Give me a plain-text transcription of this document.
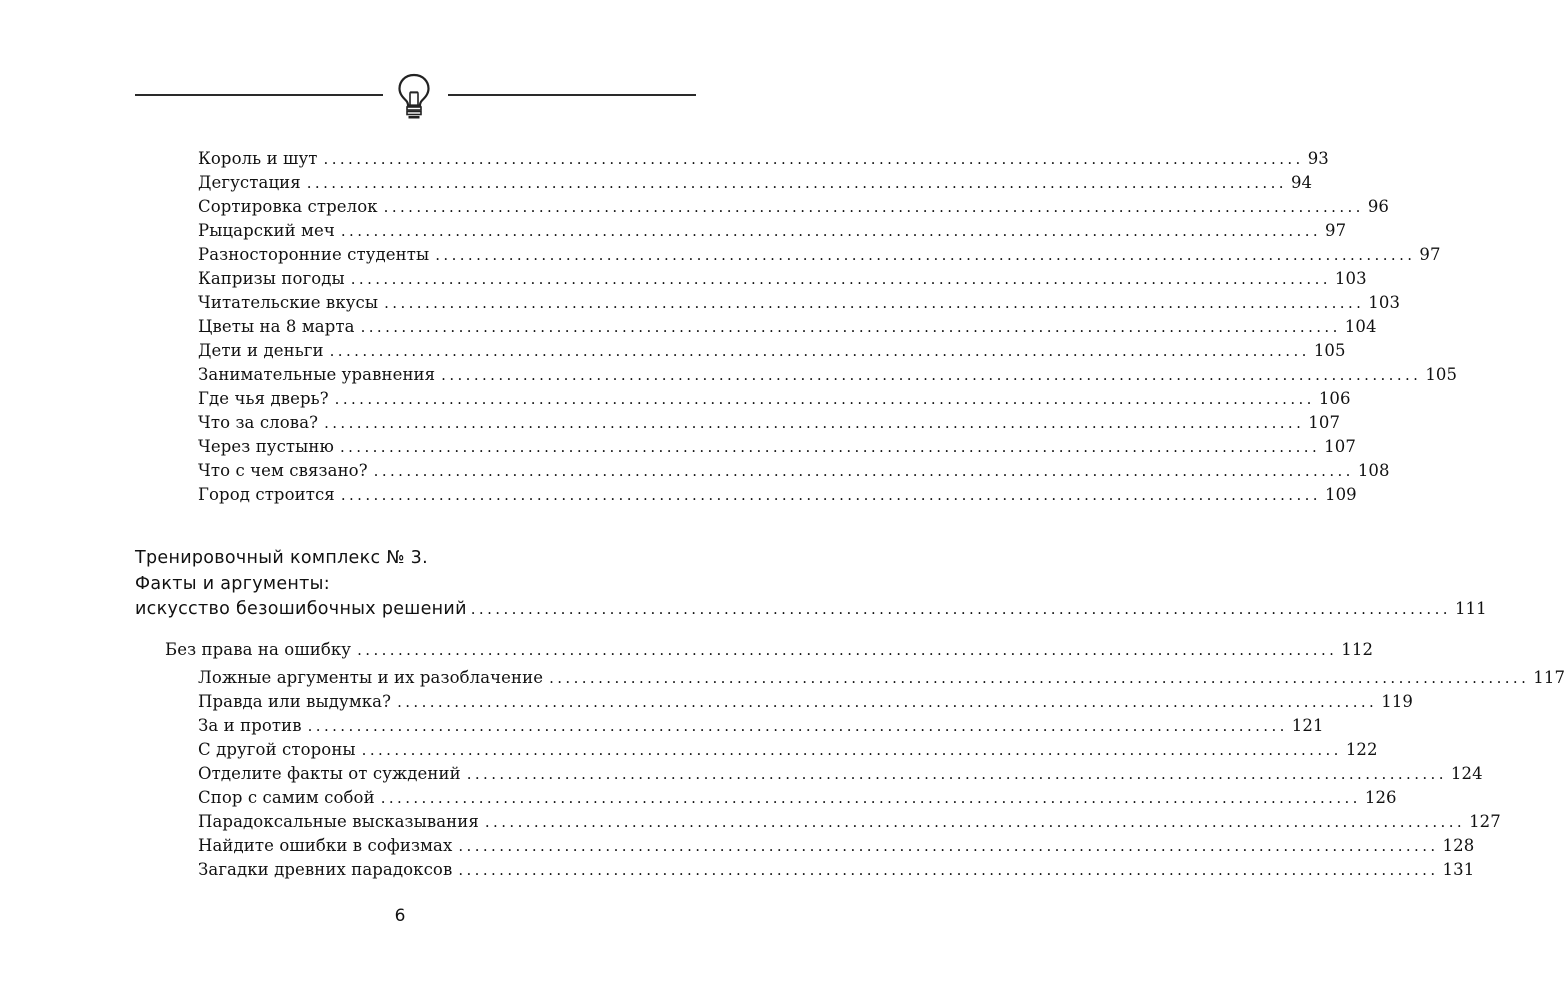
Король и шут ........................................................................................................................ 93
Дегустация ........................................................................................................................ 94
Сортировка стрелок ........................................................................................................................ 96
Рыцарский меч ........................................................................................................................ 97
Разносторонние студенты ........................................................................................................................ 97
Капризы погоды ........................................................................................................................ 103
Читательские вкусы ........................................................................................................................ 103
Цветы на 8 марта ........................................................................................................................ 104
Дети и деньги ........................................................................................................................ 105
Занимательные уравнения ........................................................................................................................ 105
Где чья дверь? ........................................................................................................................ 106
Что за слова? ........................................................................................................................ 107
Через пустыню ........................................................................................................................ 107
Что с чем связано? ........................................................................................................................ 108
Город строится ........................................................................................................................ 109
Тренировочный комплекс № 3.
Факты и аргументы:
искусство безошибочных решений ........................................................................................................................ 111
Без права на ошибку ........................................................................................................................ 112
Ложные аргументы и их разоблачение ........................................................................................................................ 117
Правда или выдумка? ........................................................................................................................ 119
За и против ........................................................................................................................ 121
С другой стороны ........................................................................................................................ 122
Отделите факты от суждений ........................................................................................................................ 124
Спор с самим собой ........................................................................................................................ 126
Парадоксальные высказывания ........................................................................................................................ 127
Найдите ошибки в софизмах ........................................................................................................................ 128
Загадки древних парадоксов ........................................................................................................................ 131
6
